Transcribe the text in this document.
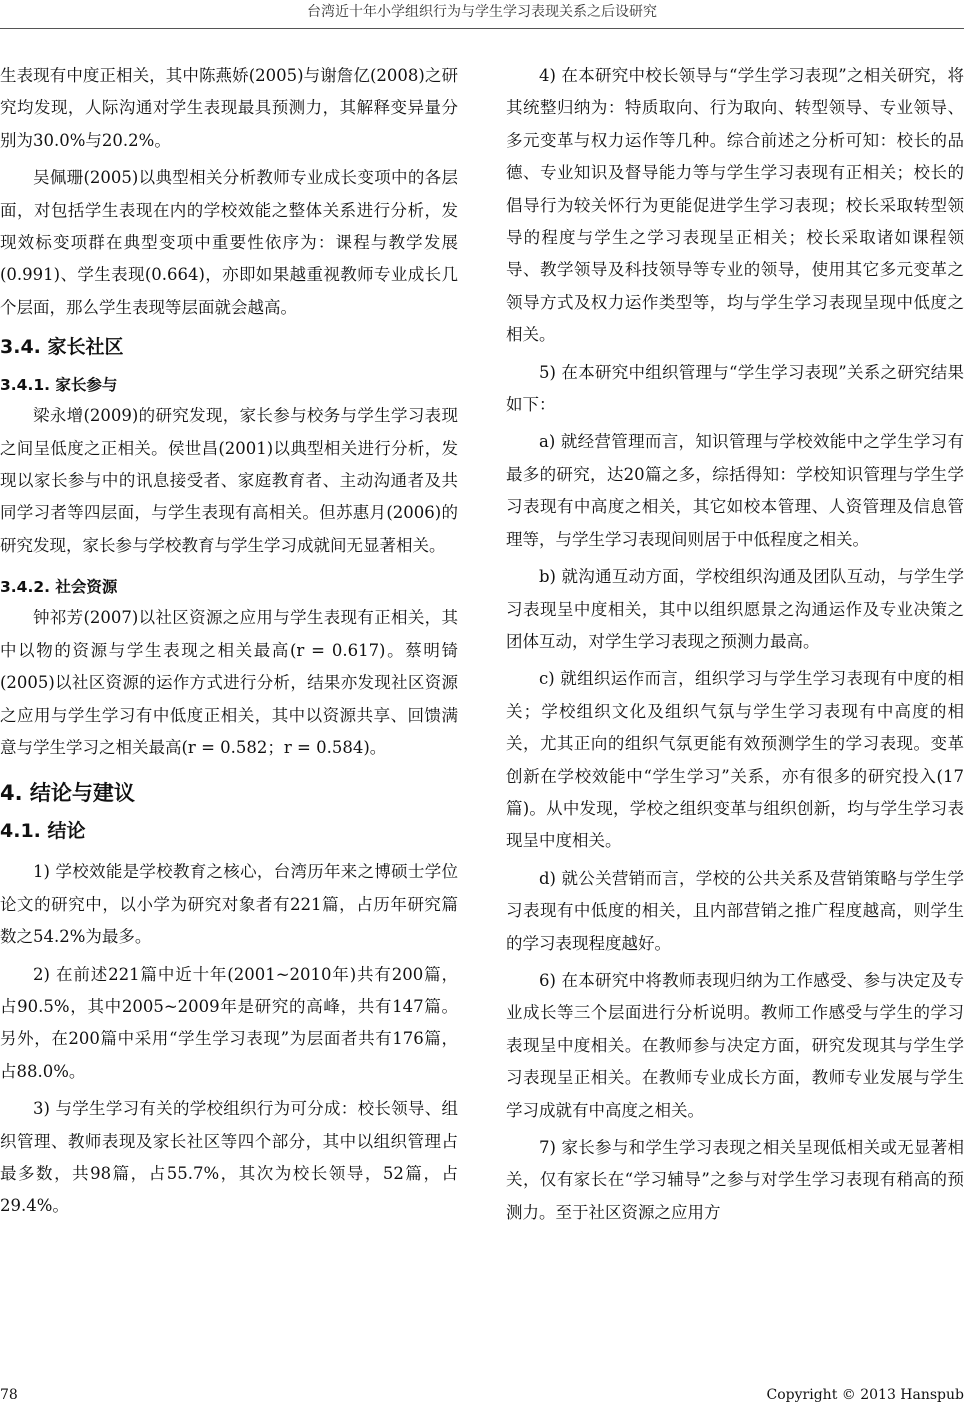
台湾近十年小学组织行为与学生学习表现关系之后设研究

生表现有中度正相关，其中陈燕娇(2005)与谢詹亿(2008)之研究均发现，人际沟通对学生表现最具预测力，其解释变异量分别为30.0%与20.2%。

吴佩珊(2005)以典型相关分析教师专业成长变项中的各层面，对包括学生表现在内的学校效能之整体关系进行分析，发现效标变项群在典型变项中重要性依序为：课程与教学发展(0.991)、学生表现(0.664)，亦即如果越重视教师专业成长几个层面，那么学生表现等层面就会越高。

3.4. 家长社区
3.4.1. 家长参与

梁永增(2009)的研究发现，家长参与校务与学生学习表现之间呈低度之正相关。侯世昌(2001)以典型相关进行分析，发现以家长参与中的讯息接受者、家庭教育者、主动沟通者及共同学习者等四层面，与学生表现有高相关。但苏惠月(2006)的研究发现，家长参与学校教育与学生学习成就间无显著相关。

3.4.2. 社会资源

钟祁芳(2007)以社区资源之应用与学生表现有正相关，其中以物的资源与学生表现之相关最高(r = 0.617)。蔡明锜(2005)以社区资源的运作方式进行分析，结果亦发现社区资源之应用与学生学习有中低度正相关，其中以资源共享、回馈满意与学生学习之相关最高(r = 0.582；r = 0.584)。

4. 结论与建议
4.1. 结论

1) 学校效能是学校教育之核心，台湾历年来之博硕士学位论文的研究中，以小学为研究对象者有221篇，占历年研究篇数之54.2%为最多。

2) 在前述221篇中近十年(2001~2010年)共有200篇，占90.5%，其中2005~2009年是研究的高峰，共有147篇。另外，在200篇中采用“学生学习表现”为层面者共有176篇，占88.0%。

3) 与学生学习有关的学校组织行为可分成：校长领导、组织管理、教师表现及家长社区等四个部分，其中以组织管理占最多数，共98篇，占55.7%，其次为校长领导，52篇，占29.4%。

4) 在本研究中校长领导与“学生学习表现”之相关研究，将其统整归纳为：特质取向、行为取向、转型领导、专业领导、多元变革与权力运作等几种。综合前述之分析可知：校长的品德、专业知识及督导能力等与学生学习表现有正相关；校长的倡导行为较关怀行为更能促进学生学习表现；校长采取转型领导的程度与学生之学习表现呈正相关；校长采取诸如课程领导、教学领导及科技领导等专业的领导，使用其它多元变革之领导方式及权力运作类型等，均与学生学习表现呈现中低度之相关。

5) 在本研究中组织管理与“学生学习表现”关系之研究结果如下：

a) 就经营管理而言，知识管理与学校效能中之学生学习有最多的研究，达20篇之多，综括得知：学校知识管理与学生学习表现有中高度之相关，其它如校本管理、人资管理及信息管理等，与学生学习表现间则居于中低程度之相关。

b) 就沟通互动方面，学校组织沟通及团队互动，与学生学习表现呈中度相关，其中以组织愿景之沟通运作及专业决策之团体互动，对学生学习表现之预测力最高。

c) 就组织运作而言，组织学习与学生学习表现有中度的相关；学校组织文化及组织气氛与学生学习表现有中高度的相关，尤其正向的组织气氛更能有效预测学生的学习表现。变革创新在学校效能中“学生学习”关系，亦有很多的研究投入(17篇)。从中发现，学校之组织变革与组织创新，均与学生学习表现呈中度相关。

d) 就公关营销而言，学校的公共关系及营销策略与学生学习表现有中低度的相关，且内部营销之推广程度越高，则学生的学习表现程度越好。

6) 在本研究中将教师表现归纳为工作感受、参与决定及专业成长等三个层面进行分析说明。教师工作感受与学生的学习表现呈中度相关。在教师参与决定方面，研究发现其与学生学习表现呈正相关。在教师专业成长方面，教师专业发展与学生学习成就有中高度之相关。

7) 家长参与和学生学习表现之相关呈现低相关或无显著相关，仅有家长在“学习辅导”之参与对学生学习表现有稍高的预测力。至于社区资源之应用方

78	Copyright © 2013 Hanspub
